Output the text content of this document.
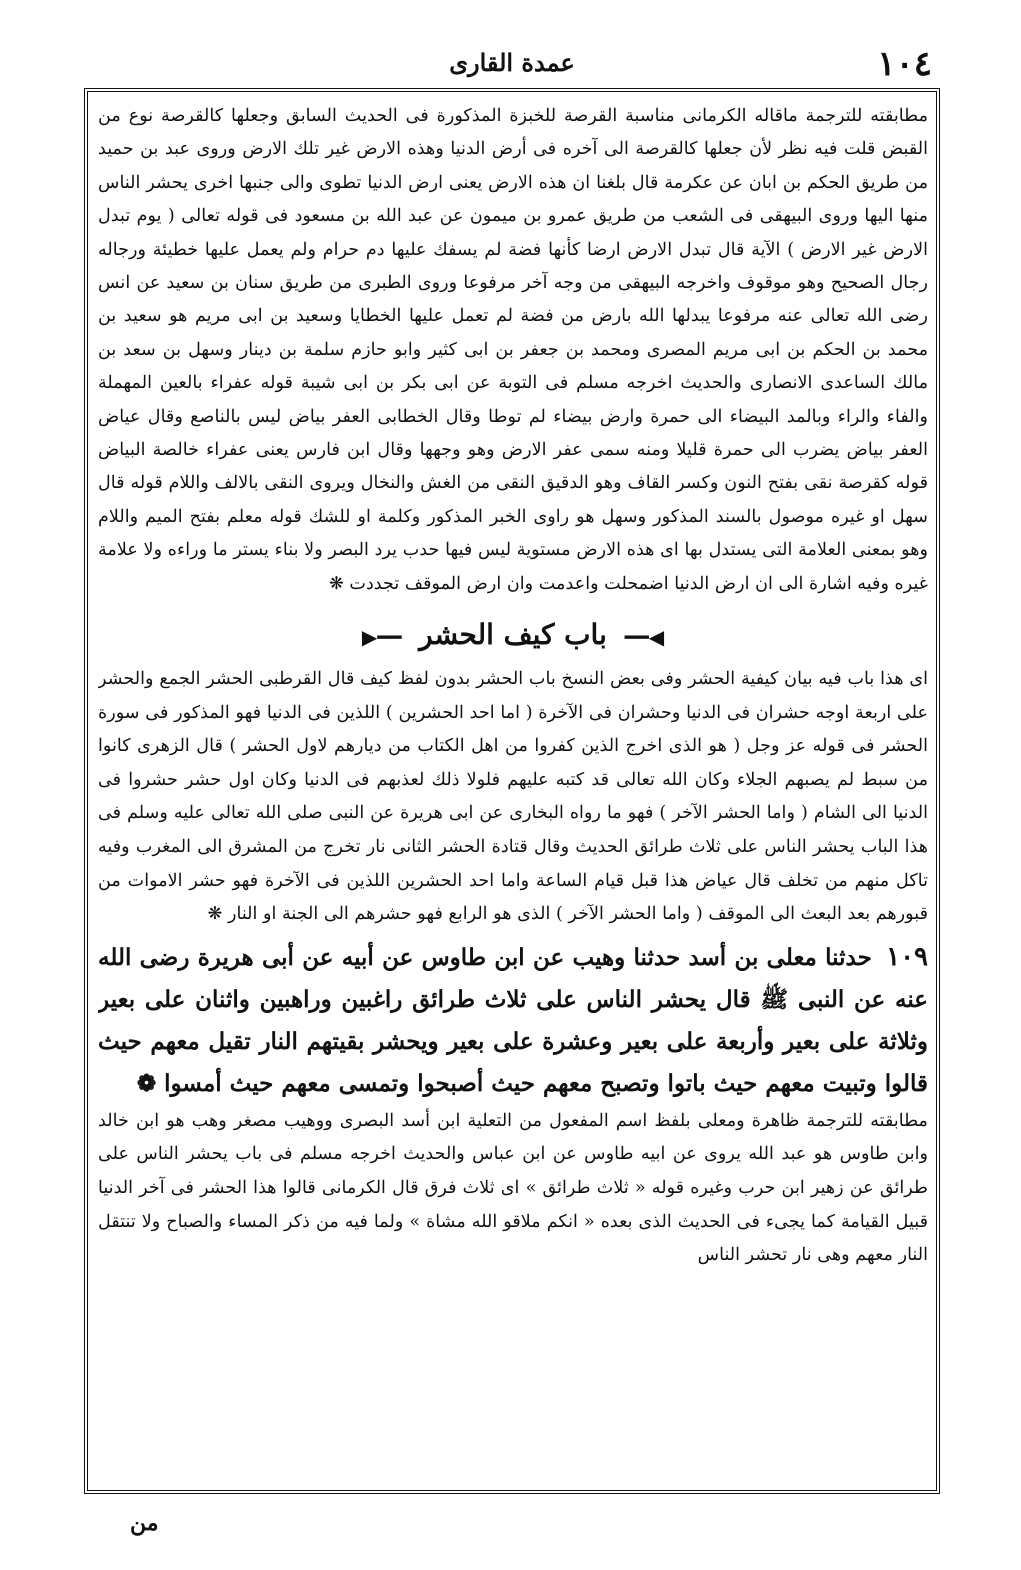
١٠٤
عمدة القارى

مطابقته للترجمة ماقاله الكرمانى مناسبة القرصة للخبزة المذكورة فى الحديث السابق وجعلها كالقرصة نوع من القبض قلت فيه نظر لأن جعلها كالقرصة الى آخره فى أرض الدنيا وهذه الارض غير تلك الارض وروى عبد بن حميد من طريق الحكم بن ابان عن عكرمة قال بلغنا ان هذه الارض يعنى ارض الدنيا تطوى والى جنبها اخرى يحشر الناس منها اليها وروى البيهقى فى الشعب من طريق عمرو بن ميمون عن عبد الله بن مسعود فى قوله تعالى ( يوم تبدل الارض غير الارض ) الآية قال تبدل الارض ارضا كأنها فضة لم يسفك عليها دم حرام ولم يعمل عليها خطيئة ورجاله رجال الصحيح وهو موقوف واخرجه البيهقى من وجه آخر مرفوعا وروى الطبرى من طريق سنان بن سعيد عن انس رضى الله تعالى عنه مرفوعا يبدلها الله بارض من فضة لم تعمل عليها الخطايا وسعيد بن ابى مريم هو سعيد بن محمد بن الحكم بن ابى مريم المصرى ومحمد بن جعفر بن ابى كثير وابو حازم سلمة بن دينار وسهل بن سعد بن مالك الساعدى الانصارى والحديث اخرجه مسلم فى التوبة عن ابى بكر بن ابى شيبة قوله عفراء بالعين المهملة والفاء والراء وبالمد البيضاء الى حمرة وارض بيضاء لم توطا وقال الخطابى العفر بياض ليس بالناصع وقال عياض العفر بياض يضرب الى حمرة قليلا ومنه سمى عفر الارض وهو وجهها وقال ابن فارس يعنى عفراء خالصة البياض قوله كقرصة نقى بفتح النون وكسر القاف وهو الدقيق النقى من الغش والنخال ويروى النقى بالالف واللام قوله قال سهل او غيره موصول بالسند المذكور وسهل هو راوى الخبر المذكور وكلمة او للشك قوله معلم بفتح الميم واللام وهو بمعنى العلامة التى يستدل بها اى هذه الارض مستوية ليس فيها حدب يرد البصر ولا بناء يستر ما وراءه ولا علامة غيره وفيه اشارة الى ان ارض الدنيا اضمحلت واعدمت وان ارض الموقف تجددت ❋

◀━━ باب كيف الحشر ━━▶

اى هذا باب فيه بيان كيفية الحشر وفى بعض النسخ باب الحشر بدون لفظ كيف قال القرطبى الحشر الجمع والحشر على اربعة اوجه حشران فى الدنيا وحشران فى الآخرة ( اما احد الحشرين ) اللذين فى الدنيا فهو المذكور فى سورة الحشر فى قوله عز وجل ( هو الذى اخرج الذين كفروا من اهل الكتاب من ديارهم لاول الحشر ) قال الزهرى كانوا من سبط لم يصبهم الجلاء وكان الله تعالى قد كتبه عليهم فلولا ذلك لعذبهم فى الدنيا وكان اول حشر حشروا فى الدنيا الى الشام ( واما الحشر الآخر ) فهو ما رواه البخارى عن ابى هريرة عن النبى صلى الله تعالى عليه وسلم فى هذا الباب يحشر الناس على ثلاث طرائق الحديث وقال قتادة الحشر الثانى نار تخرج من المشرق الى المغرب وفيه تاكل منهم من تخلف قال عياض هذا قبل قيام الساعة واما احد الحشرين اللذين فى الآخرة فهو حشر الاموات من قبورهم بعد البعث الى الموقف ( واما الحشر الآخر ) الذى هو الرابع فهو حشرهم الى الجنة او النار ❋

١٠٩ حدثنا معلى بن أسد حدثنا وهيب عن ابن طاوس عن أبيه عن أبى هريرة رضى الله عنه عن النبى ﷺ قال يحشر الناس على ثلاث طرائق راغبين وراهبين واثنان على بعير وثلاثة على بعير وأربعة على بعير وعشرة على بعير ويحشر بقيتهم النار تقيل معهم حيث قالوا وتبيت معهم حيث باتوا وتصبح معهم حيث أصبحوا وتمسى معهم حيث أمسوا ❁

مطابقته للترجمة ظاهرة ومعلى بلفظ اسم المفعول من التعلية ابن أسد البصرى ووهيب مصغر وهب هو ابن خالد وابن طاوس هو عبد الله يروى عن ابيه طاوس عن ابن عباس والحديث اخرجه مسلم فى باب يحشر الناس على طرائق عن زهير ابن حرب وغيره قوله « ثلاث طرائق » اى ثلاث فرق قال الكرمانى قالوا هذا الحشر فى آخر الدنيا قبيل القيامة كما يجىء فى الحديث الذى بعده « انكم ملاقو الله مشاة » ولما فيه من ذكر المساء والصباح ولا تنتقل النار معهم وهى نار تحشر الناس

من
